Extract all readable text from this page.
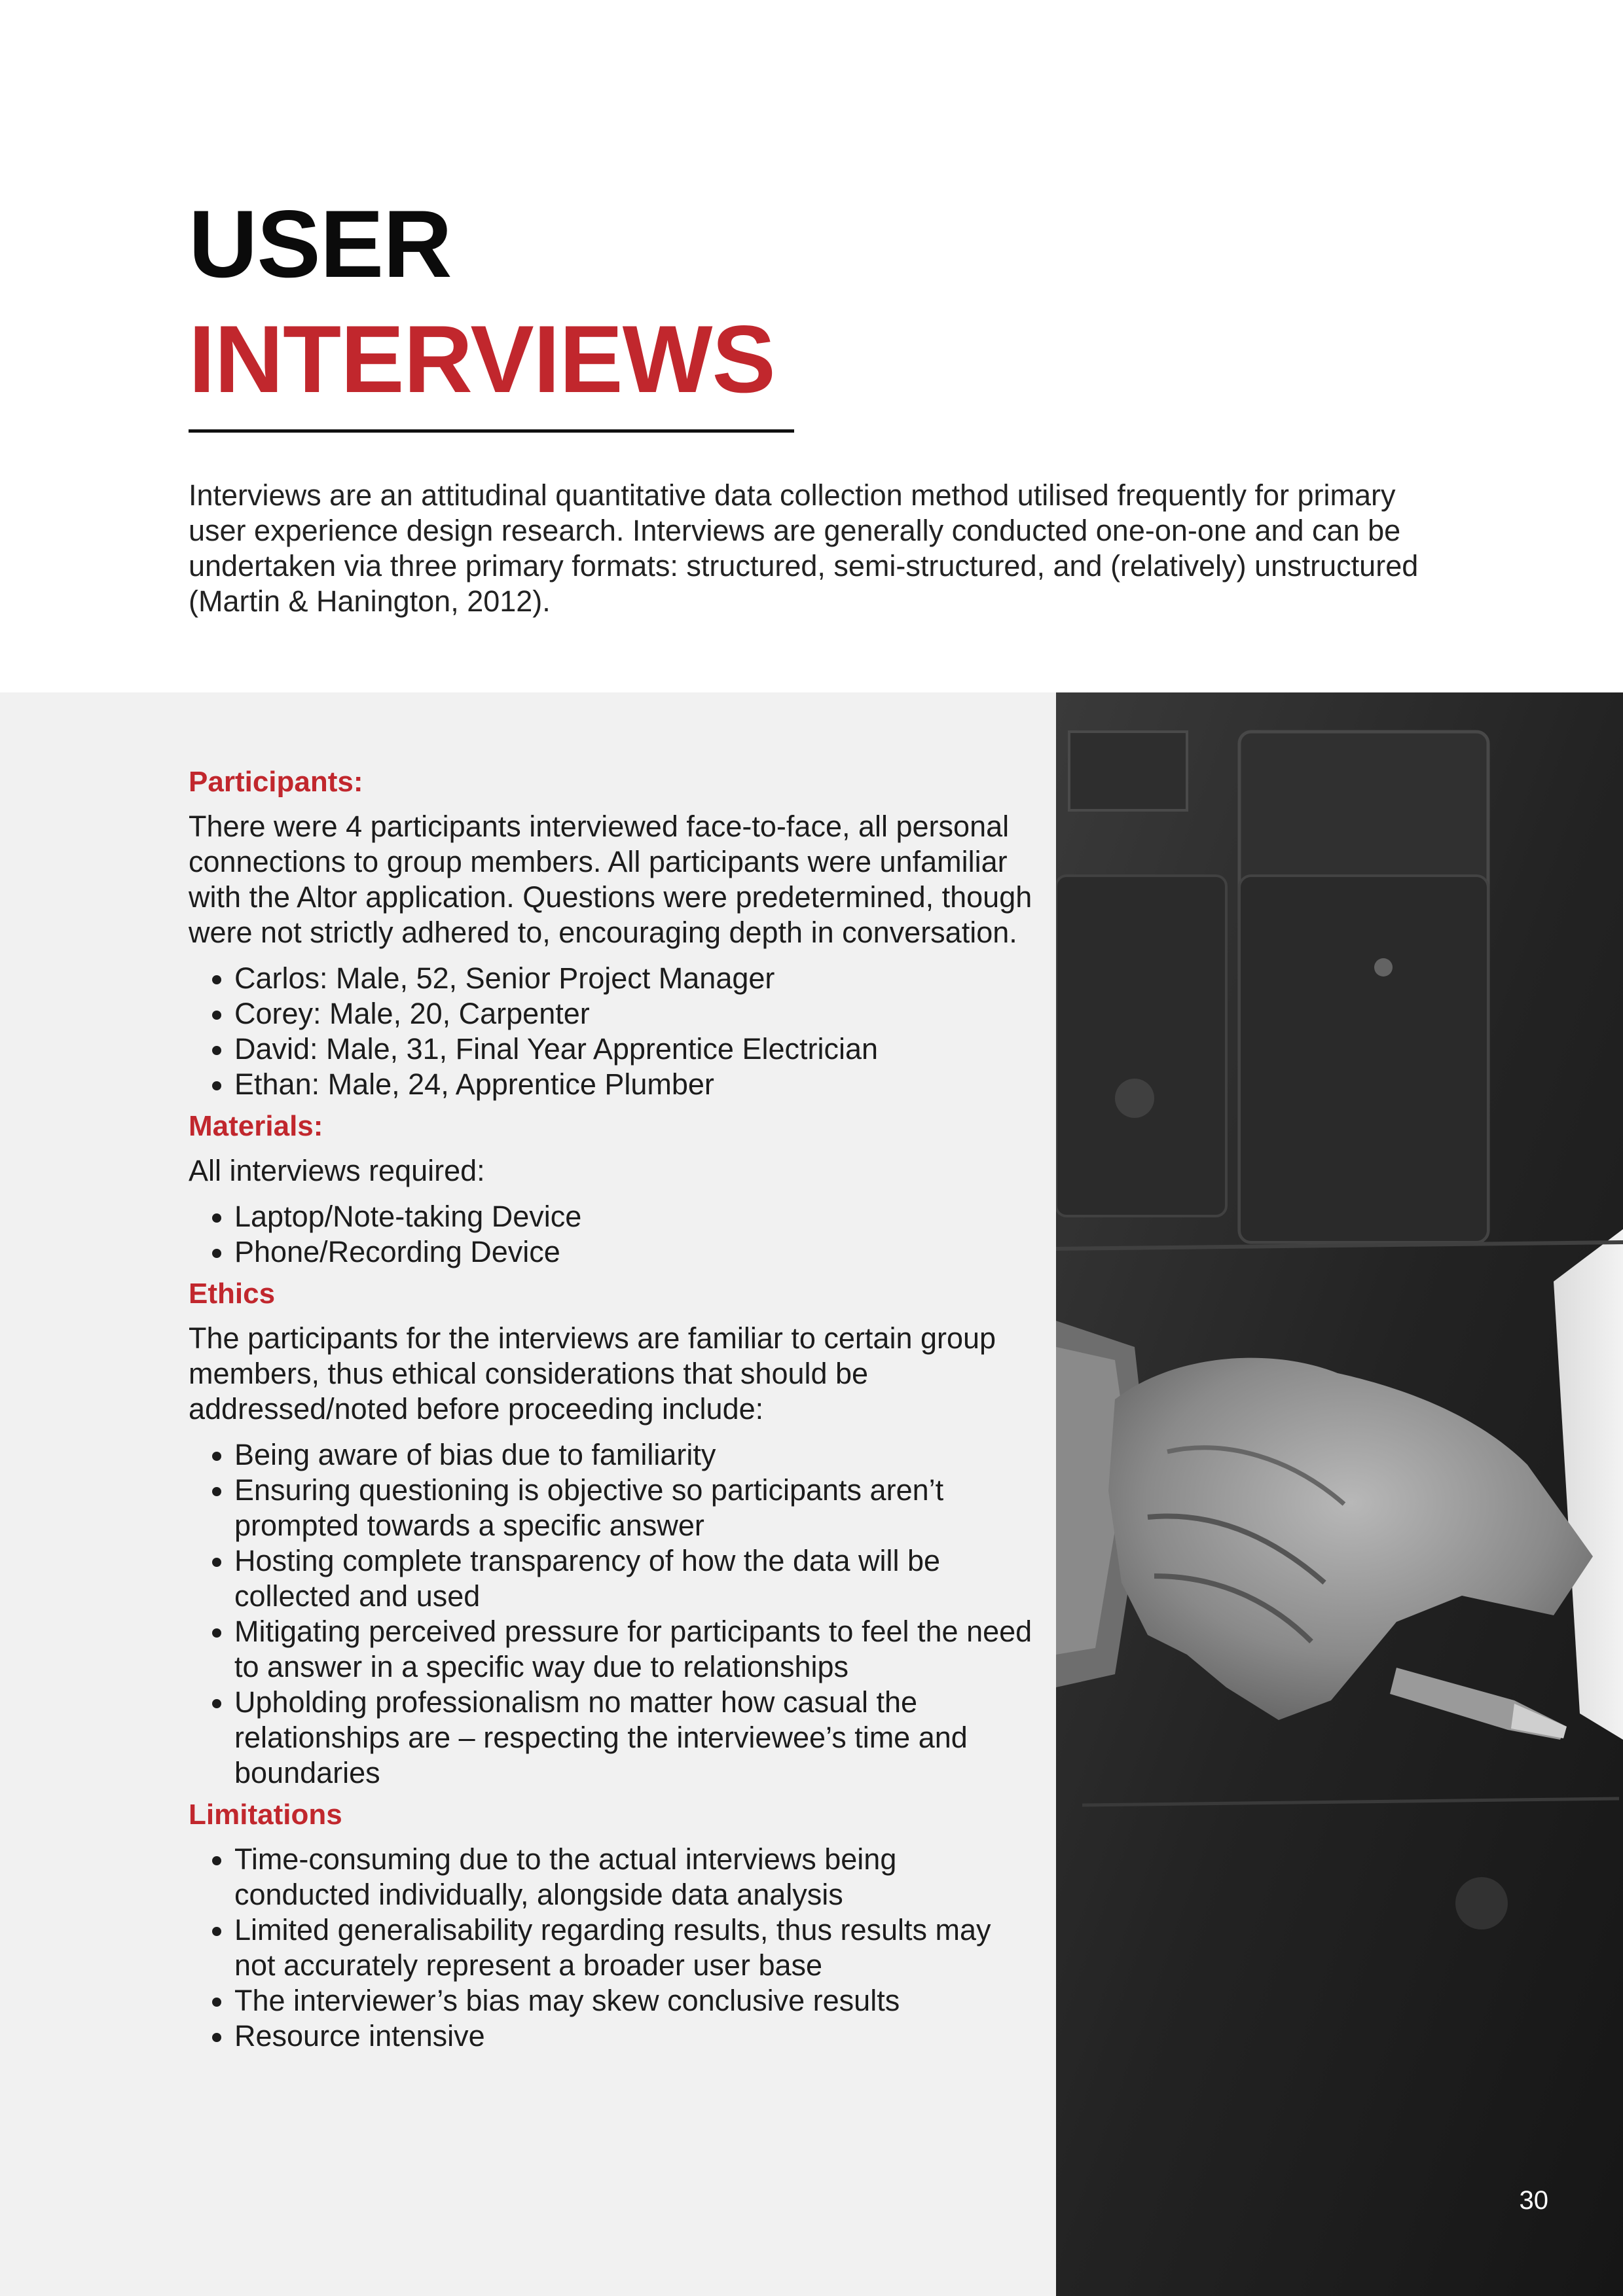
USER
INTERVIEWS

Interviews are an attitudinal quantitative data collection method utilised frequently for primary user experience design research. Interviews are generally conducted one-on-one and can be undertaken via three primary formats: structured, semi-structured, and (relatively) unstructured (Martin & Hanington, 2012).

Participants:

There were 4 participants interviewed face-to-face, all personal connections to group members. All participants were unfamiliar with the Altor application. Questions were predetermined, though were not strictly adhered to, encouraging depth in conversation.

• Carlos: Male, 52, Senior Project Manager
• Corey: Male, 20, Carpenter
• David: Male, 31, Final Year Apprentice Electrician
• Ethan: Male, 24, Apprentice Plumber
Materials:

All interviews required:

• Laptop/Note-taking Device
• Phone/Recording Device
Ethics

The participants for the interviews are familiar to certain group members, thus ethical considerations that should be addressed/noted before proceeding include:

• Being aware of bias due to familiarity
• Ensuring questioning is objective so participants aren’t prompted towards a specific answer
• Hosting complete transparency of how the data will be collected and used
• Mitigating perceived pressure for participants to feel the need to answer in a specific way due to relationships
• Upholding professionalism no matter how casual the relationships are – respecting the interviewee’s time and boundaries
Limitations
• Time-consuming due to the actual interviews being conducted individually, alongside data analysis
• Limited generalisability regarding results, thus results may not accurately represent a broader user base
• The interviewer’s bias may skew conclusive results
• Resource intensive
30
